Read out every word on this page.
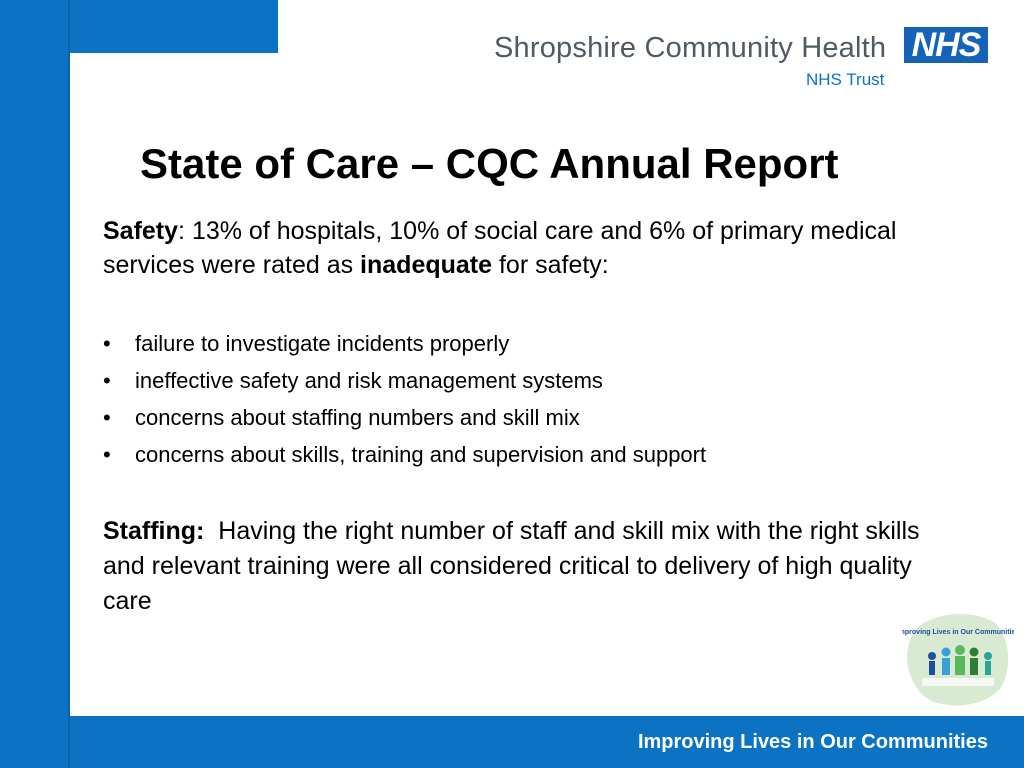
Shropshire Community Health
NHS Trust
NHS
State of Care – CQC Annual Report
Safety: 13% of hospitals, 10% of social care and 6% of primary medical services were rated as inadequate for safety:
• failure to investigate incidents properly
• ineffective safety and risk management systems
• concerns about staffing numbers and skill mix
• concerns about skills, training and supervision and support
Staffing: Having the right number of staff and skill mix with the right skills and relevant training were all considered critical to delivery of high quality care
Improving Lives in Our Communities
Improving Lives in Our Communities
